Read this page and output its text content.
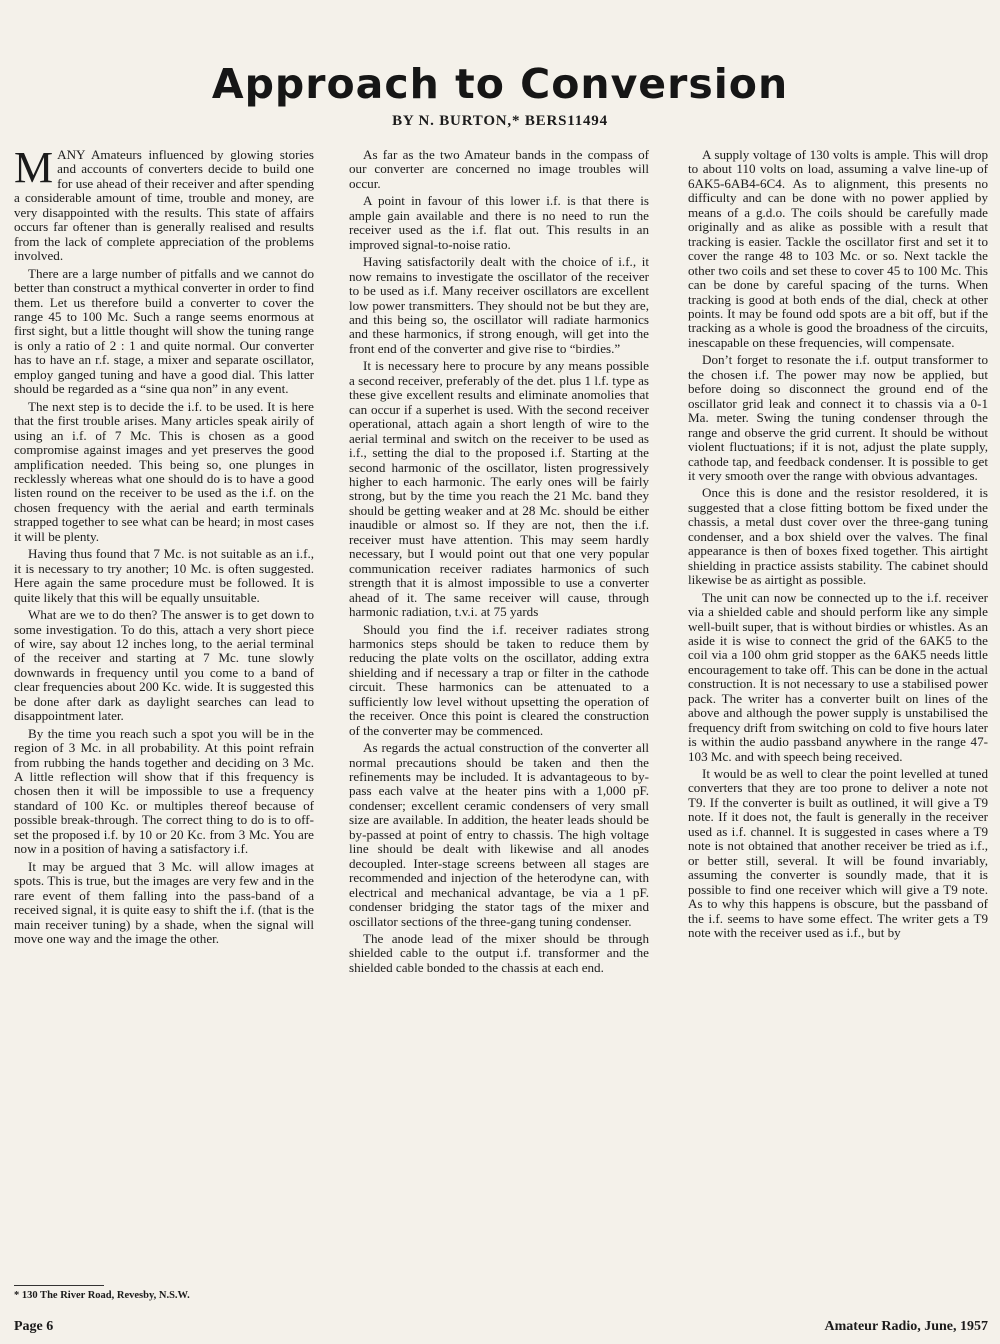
Approach to Conversion
BY N. BURTON,* BERS11494

MANY Amateurs influenced by glowing stories and accounts of converters decide to build one for use ahead of their receiver and after spending a considerable amount of time, trouble and money, are very disappointed with the results. This state of affairs occurs far oftener than is generally realised and results from the lack of complete appreciation of the problems involved.

There are a large number of pitfalls and we cannot do better than construct a mythical converter in order to find them. Let us therefore build a converter to cover the range 45 to 100 Mc. Such a range seems enormous at first sight, but a little thought will show the tuning range is only a ratio of 2 : 1 and quite normal. Our converter has to have an r.f. stage, a mixer and separate oscillator, employ ganged tuning and have a good dial. This latter should be regarded as a “sine qua non” in any event.

The next step is to decide the i.f. to be used. It is here that the first trouble arises. Many articles speak airily of using an i.f. of 7 Mc. This is chosen as a good compromise against images and yet preserves the good amplification needed. This being so, one plunges in recklessly whereas what one should do is to have a good listen round on the receiver to be used as the i.f. on the chosen frequency with the aerial and earth terminals strapped together to see what can be heard; in most cases it will be plenty.

Having thus found that 7 Mc. is not suitable as an i.f., it is necessary to try another; 10 Mc. is often suggested. Here again the same procedure must be followed. It is quite likely that this will be equally unsuitable.

What are we to do then? The answer is to get down to some investigation. To do this, attach a very short piece of wire, say about 12 inches long, to the aerial terminal of the receiver and starting at 7 Mc. tune slowly downwards in frequency until you come to a band of clear frequencies about 200 Kc. wide. It is suggested this be done after dark as daylight searches can lead to disappointment later.

By the time you reach such a spot you will be in the region of 3 Mc. in all probability. At this point refrain from rubbing the hands together and deciding on 3 Mc. A little reflection will show that if this frequency is chosen then it will be impossible to use a frequency standard of 100 Kc. or multiples thereof because of possible break-through. The correct thing to do is to off-set the proposed i.f. by 10 or 20 Kc. from 3 Mc. You are now in a position of having a satisfactory i.f.

It may be argued that 3 Mc. will allow images at spots. This is true, but the images are very few and in the rare event of them falling into the pass-band of a received signal, it is quite easy to shift the i.f. (that is the main receiver tuning) by a shade, when the signal will move one way and the image the other.

As far as the two Amateur bands in the compass of our converter are concerned no image troubles will occur.

A point in favour of this lower i.f. is that there is ample gain available and there is no need to run the receiver used as the i.f. flat out. This results in an improved signal-to-noise ratio.

Having satisfactorily dealt with the choice of i.f., it now remains to investigate the oscillator of the receiver to be used as i.f. Many receiver oscillators are excellent low power transmitters. They should not be but they are, and this being so, the oscillator will radiate harmonics and these harmonics, if strong enough, will get into the front end of the converter and give rise to “birdies.”

It is necessary here to procure by any means possible a second receiver, preferably of the det. plus 1 l.f. type as these give excellent results and eliminate anomolies that can occur if a superhet is used. With the second receiver operational, attach again a short length of wire to the aerial terminal and switch on the receiver to be used as i.f., setting the dial to the proposed i.f. Starting at the second harmonic of the oscillator, listen progressively higher to each harmonic. The early ones will be fairly strong, but by the time you reach the 21 Mc. band they should be getting weaker and at 28 Mc. should be either inaudible or almost so. If they are not, then the i.f. receiver must have attention. This may seem hardly necessary, but I would point out that one very popular communication receiver radiates harmonics of such strength that it is almost impossible to use a converter ahead of it. The same receiver will cause, through harmonic radiation, t.v.i. at 75 yards

Should you find the i.f. receiver radiates strong harmonics steps should be taken to reduce them by reducing the plate volts on the oscillator, adding extra shielding and if necessary a trap or filter in the cathode circuit. These harmonics can be attenuated to a sufficiently low level without upsetting the operation of the receiver. Once this point is cleared the construction of the converter may be commenced.

As regards the actual construction of the converter all normal precautions should be taken and then the refinements may be included. It is advantageous to by-pass each valve at the heater pins with a 1,000 pF. condenser; excellent ceramic condensers of very small size are available. In addition, the heater leads should be by-passed at point of entry to chassis. The high voltage line should be dealt with likewise and all anodes decoupled. Inter-stage screens between all stages are recommended and injection of the heterodyne can, with electrical and mechanical advantage, be via a 1 pF. condenser bridging the stator tags of the mixer and oscillator sections of the three-gang tuning condenser.

The anode lead of the mixer should be through shielded cable to the output i.f. transformer and the shielded cable bonded to the chassis at each end.

A supply voltage of 130 volts is ample. This will drop to about 110 volts on load, assuming a valve line-up of 6AK5-6AB4-6C4. As to alignment, this presents no difficulty and can be done with no power applied by means of a g.d.o. The coils should be carefully made originally and as alike as possible with a result that tracking is easier. Tackle the oscillator first and set it to cover the range 48 to 103 Mc. or so. Next tackle the other two coils and set these to cover 45 to 100 Mc. This can be done by careful spacing of the turns. When tracking is good at both ends of the dial, check at other points. It may be found odd spots are a bit off, but if the tracking as a whole is good the broadness of the circuits, inescapable on these frequencies, will compensate.

Don’t forget to resonate the i.f. output transformer to the chosen i.f. The power may now be applied, but before doing so disconnect the ground end of the oscillator grid leak and connect it to chassis via a 0-1 Ma. meter. Swing the tuning condenser through the range and observe the grid current. It should be without violent fluctuations; if it is not, adjust the plate supply, cathode tap, and feedback condenser. It is possible to get it very smooth over the range with obvious advantages.

Once this is done and the resistor resoldered, it is suggested that a close fitting bottom be fixed under the chassis, a metal dust cover over the three-gang tuning condenser, and a box shield over the valves. The final appearance is then of boxes fixed together. This airtight shielding in practice assists stability. The cabinet should likewise be as airtight as possible.

The unit can now be connected up to the i.f. receiver via a shielded cable and should perform like any simple well-built super, that is without birdies or whistles. As an aside it is wise to connect the grid of the 6AK5 to the coil via a 100 ohm grid stopper as the 6AK5 needs little encouragement to take off. This can be done in the actual construction. It is not necessary to use a stabilised power pack. The writer has a converter built on lines of the above and although the power supply is unstabilised the frequency drift from switching on cold to five hours later is within the audio passband anywhere in the range 47-103 Mc. and with speech being received.

It would be as well to clear the point levelled at tuned converters that they are too prone to deliver a note not T9. If the converter is built as outlined, it will give a T9 note. If it does not, the fault is generally in the receiver used as i.f. channel. It is suggested in cases where a T9 note is not obtained that another receiver be tried as i.f., or better still, several. It will be found invariably, assuming the converter is soundly made, that it is possible to find one receiver which will give a T9 note. As to why this happens is obscure, but the passband of the i.f. seems to have some effect. The writer gets a T9 note with the receiver used as i.f., but by

* 130 The River Road, Revesby, N.S.W.
Page 6	Amateur Radio, June, 1957
